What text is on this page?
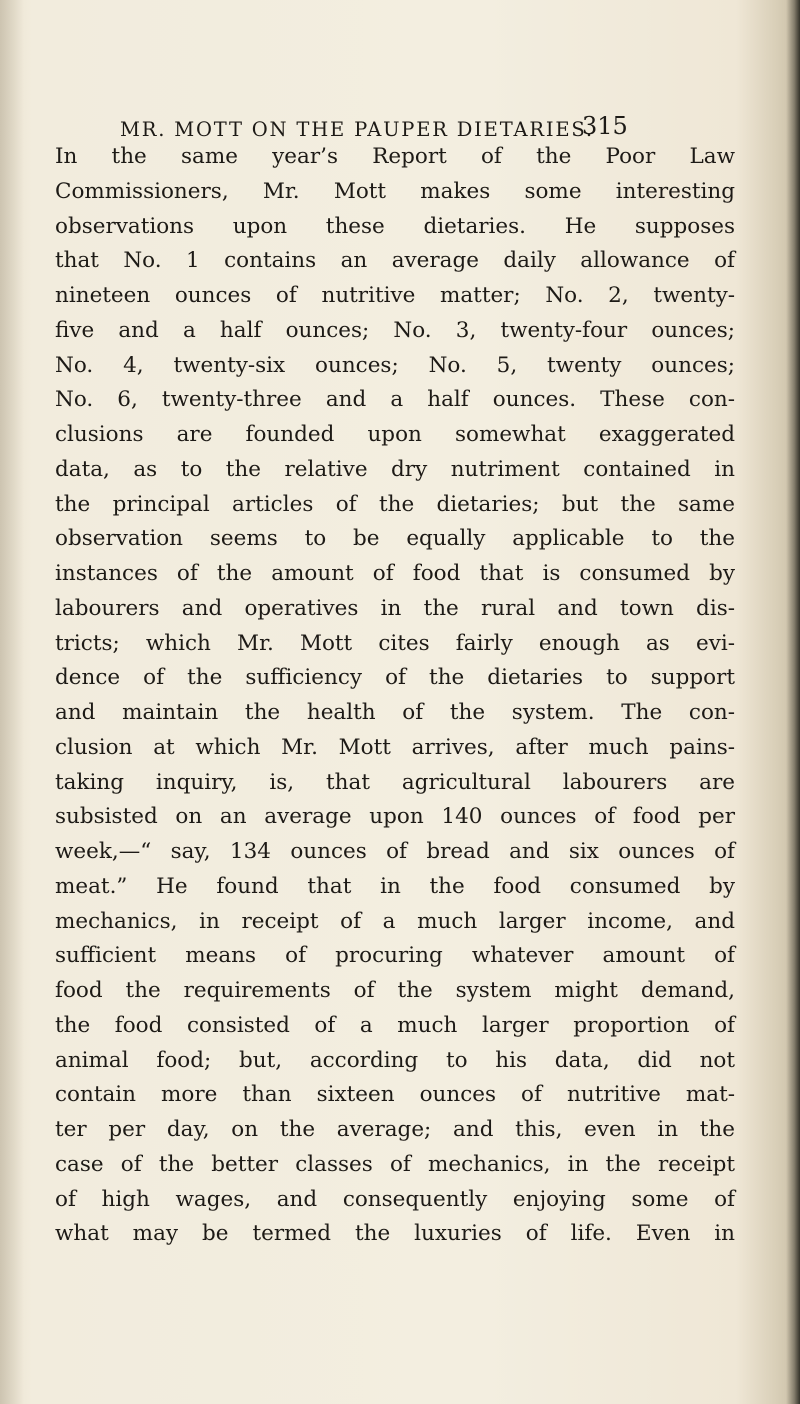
MR. MOTT ON THE PAUPER DIETARIES.
315
In the same year’s Report of the Poor Law
Commissioners, Mr. Mott makes some interesting
observations upon these dietaries. He supposes
that No. 1 contains an average daily allowance of
nineteen ounces of nutritive matter; No. 2, twenty-
five and a half ounces; No. 3, twenty-four ounces;
No. 4, twenty-six ounces; No. 5, twenty ounces;
No. 6, twenty-three and a half ounces. These con-
clusions are founded upon somewhat exaggerated
data, as to the relative dry nutriment contained in
the principal articles of the dietaries; but the same
observation seems to be equally applicable to the
instances of the amount of food that is consumed by
labourers and operatives in the rural and town dis-
tricts; which Mr. Mott cites fairly enough as evi-
dence of the sufficiency of the dietaries to support
and maintain the health of the system. The con-
clusion at which Mr. Mott arrives, after much pains-
taking inquiry, is, that agricultural labourers are
subsisted on an average upon 140 ounces of food per
week,—“ say, 134 ounces of bread and six ounces of
meat.” He found that in the food consumed by
mechanics, in receipt of a much larger income, and
sufficient means of procuring whatever amount of
food the requirements of the system might demand,
the food consisted of a much larger proportion of
animal food; but, according to his data, did not
contain more than sixteen ounces of nutritive mat-
ter per day, on the average; and this, even in the
case of the better classes of mechanics, in the receipt
of high wages, and consequently enjoying some of
what may be termed the luxuries of life. Even in
